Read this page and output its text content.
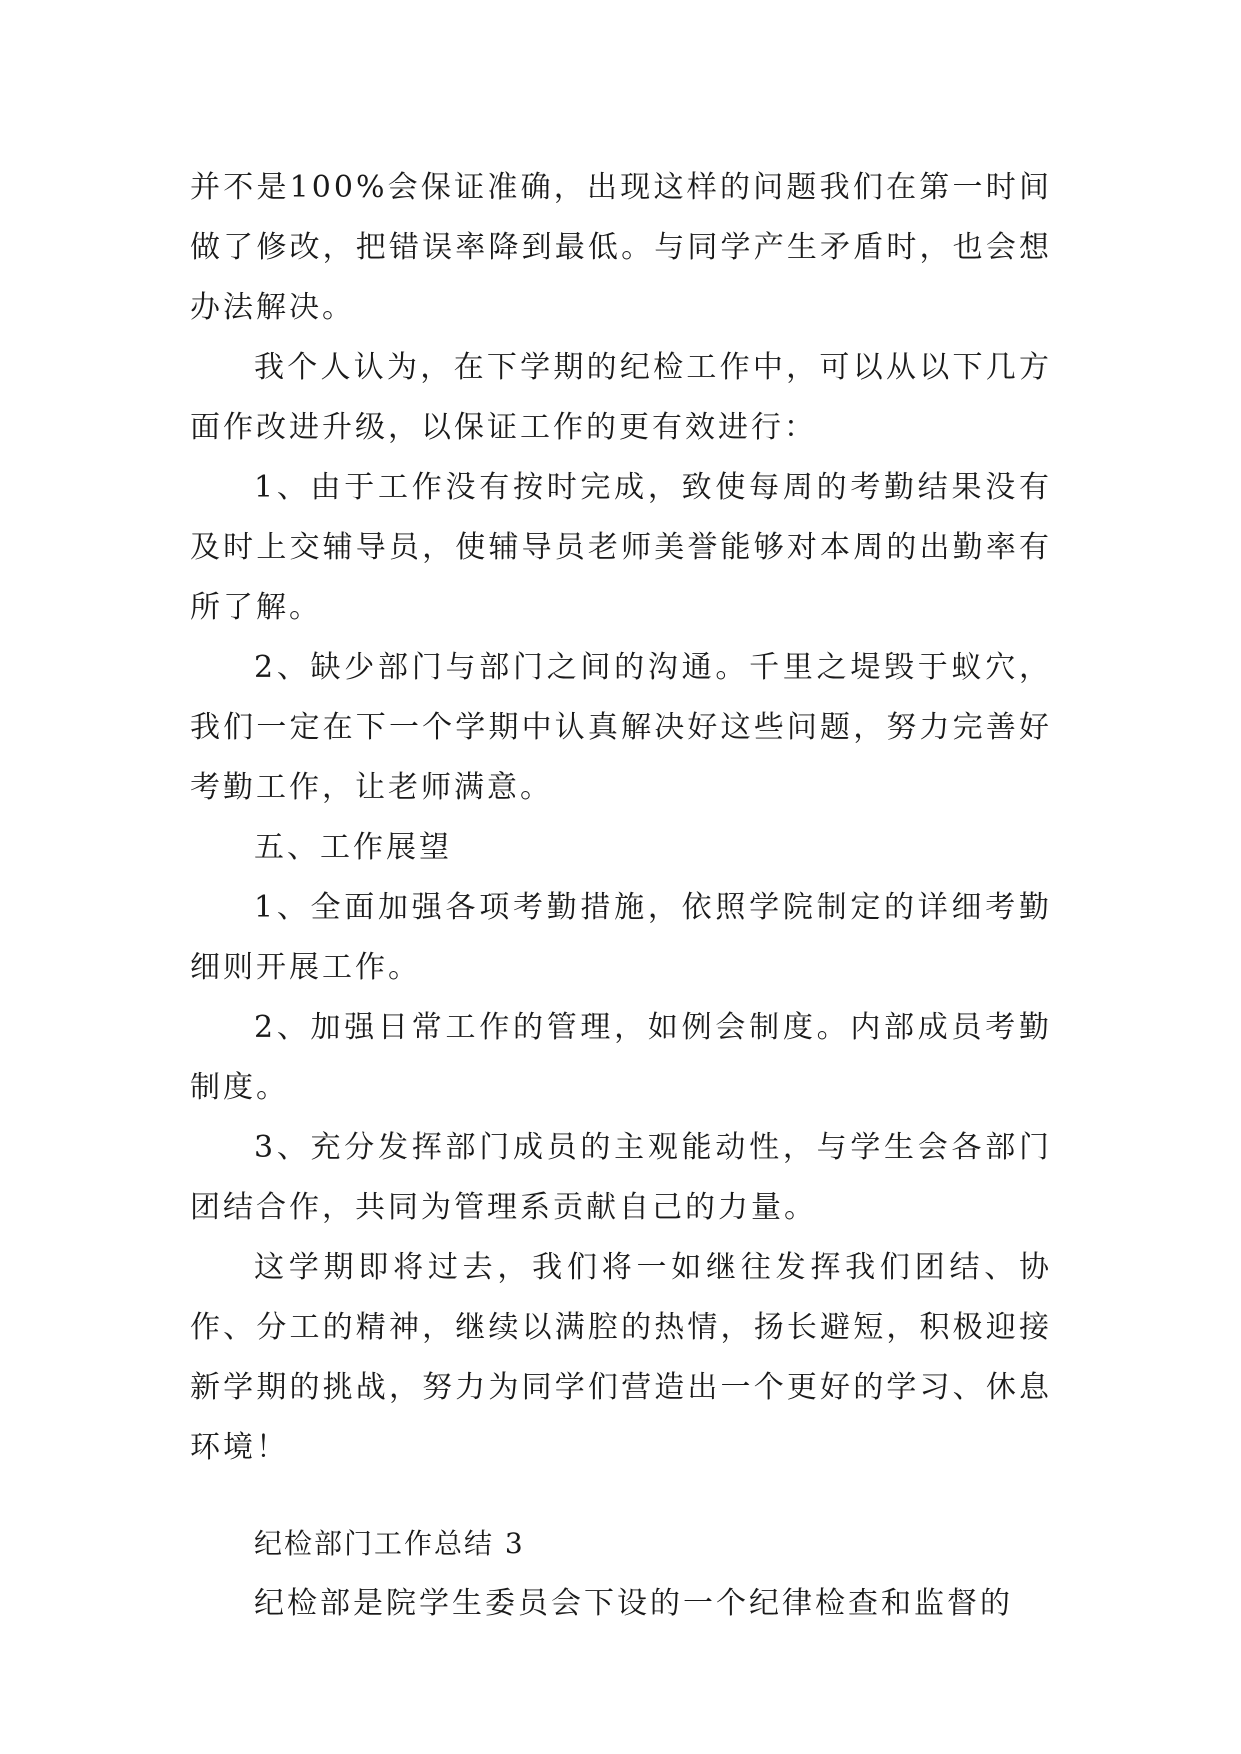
并不是100%会保证准确，出现这样的问题我们在第一时间做了修改，把错误率降到最低。与同学产生矛盾时，也会想办法解决。

我个人认为，在下学期的纪检工作中，可以从以下几方面作改进升级，以保证工作的更有效进行：

1、由于工作没有按时完成，致使每周的考勤结果没有及时上交辅导员，使辅导员老师美誉能够对本周的出勤率有所了解。

2、缺少部门与部门之间的沟通。千里之堤毁于蚁穴，我们一定在下一个学期中认真解决好这些问题，努力完善好考勤工作，让老师满意。

五、工作展望

1、全面加强各项考勤措施，依照学院制定的详细考勤细则开展工作。

2、加强日常工作的管理，如例会制度。内部成员考勤制度。

3、充分发挥部门成员的主观能动性，与学生会各部门团结合作，共同为管理系贡献自己的力量。

这学期即将过去，我们将一如继往发挥我们团结、协作、分工的精神，继续以满腔的热情，扬长避短，积极迎接新学期的挑战，努力为同学们营造出一个更好的学习、休息环境！

纪检部门工作总结 3

纪检部是院学生委员会下设的一个纪律检查和监督的
